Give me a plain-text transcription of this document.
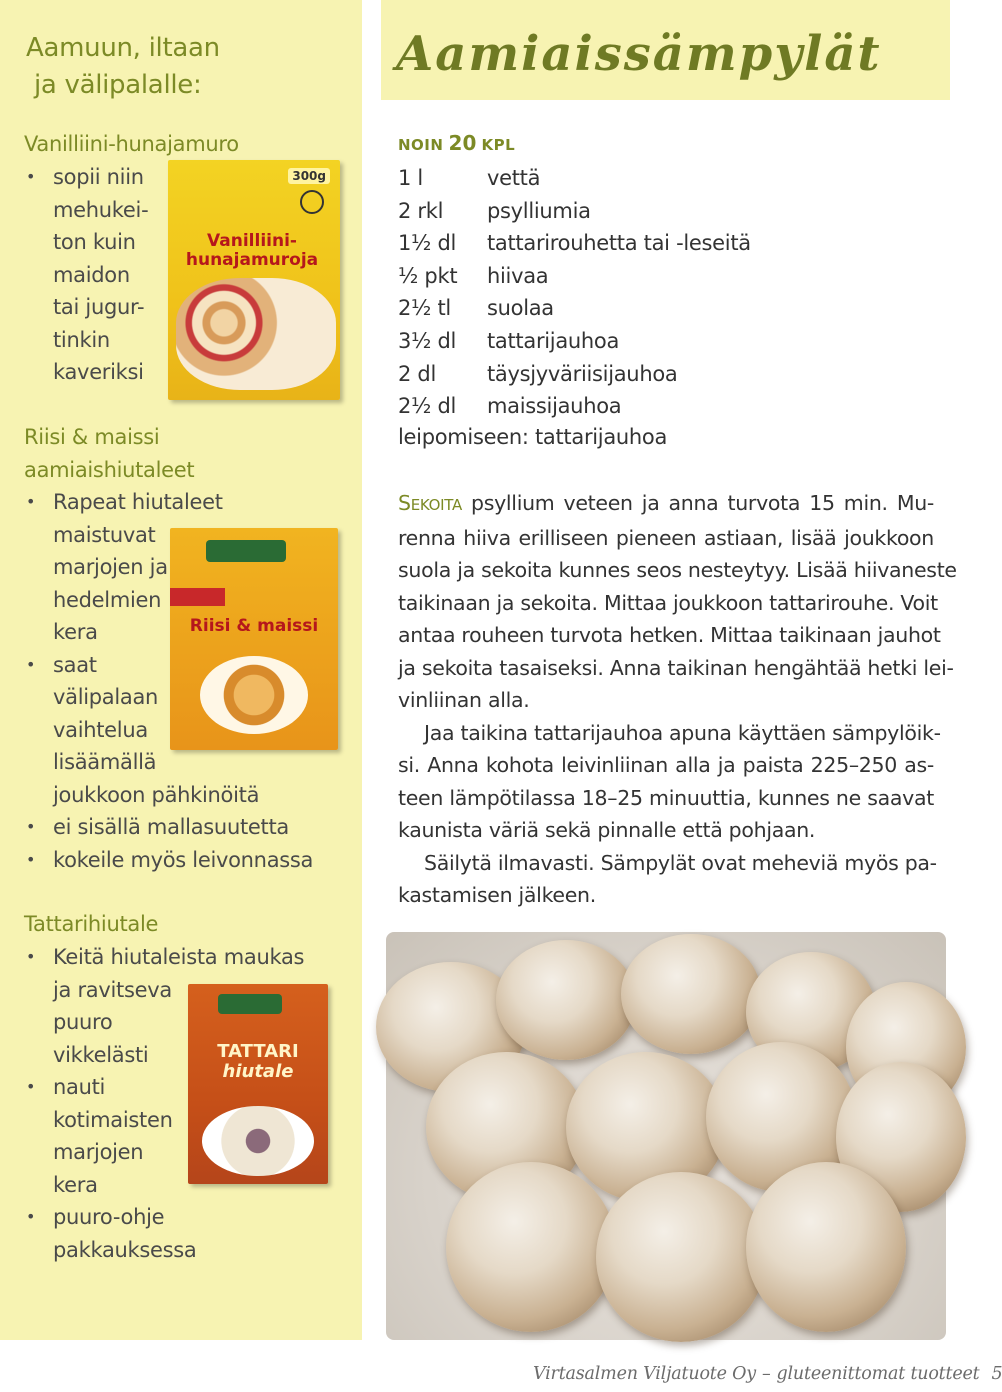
Aamuun, iltaan
ja välipalalle:
Vanilliini-hunajamuro
• sopii niin
mehukei-
ton kuin
maidon
tai jugur-
tinkin
kaveriksi
300g
Vanilliini-hunajamuroja
Riisi & maissi
aamiaishiutaleet
• Rapeat hiutaleet
maistuvat
marjojen ja
hedelmien
kera
• saat
välipalaan
vaihtelua
lisäämällä
joukkoon pähkinöitä
• ei sisällä mallasuutetta
• kokeile myös leivonnassa
Riisi & maissi
Tattarihiutale
• Keitä hiutaleista maukas
ja ravitseva
puuro
vikkelästi
• nauti
kotimaisten
marjojen
kera
• puuro-ohje
pakkauksessa
TATTARI
hiutale
Aamiaissämpylät
NOIN 20 KPL
1 l	vettä
2 rkl psylliumia
1½ dl tattarirouhetta tai -leseitä
½ pkt hiivaa
2½ tl suolaa
3½ dl tattarijauhoa
2 dl täysjyväriisijauhoa
2½ dl maissijauhoa
leipomiseen: tattarijauhoa

SEKOITA psyllium veteen ja anna turvota 15 min. Mu-
renna hiiva erilliseen pieneen astiaan, lisää joukkoon
suola ja sekoita kunnes seos nesteytyy. Lisää hiivaneste
taikinaan ja sekoita. Mittaa joukkoon tattarirouhe. Voit
antaa rouheen turvota hetken. Mittaa taikinaan jauhot
ja sekoita tasaiseksi. Anna taikinan hengähtää hetki lei-
vinliinan alla.

Jaa taikina tattarijauhoa apuna käyttäen sämpylöik-
si. Anna kohota leivinliinan alla ja paista 225–250 as-
teen lämpötilassa 18–25 minuuttia, kunnes ne saavat
kaunista väriä sekä pinnalle että pohjaan.

Säilytä ilmavasti. Sämpylät ovat meheviä myös pa-
kastamisen jälkeen.

Virtasalmen Viljatuote Oy – gluteenittomat tuotteet 5
